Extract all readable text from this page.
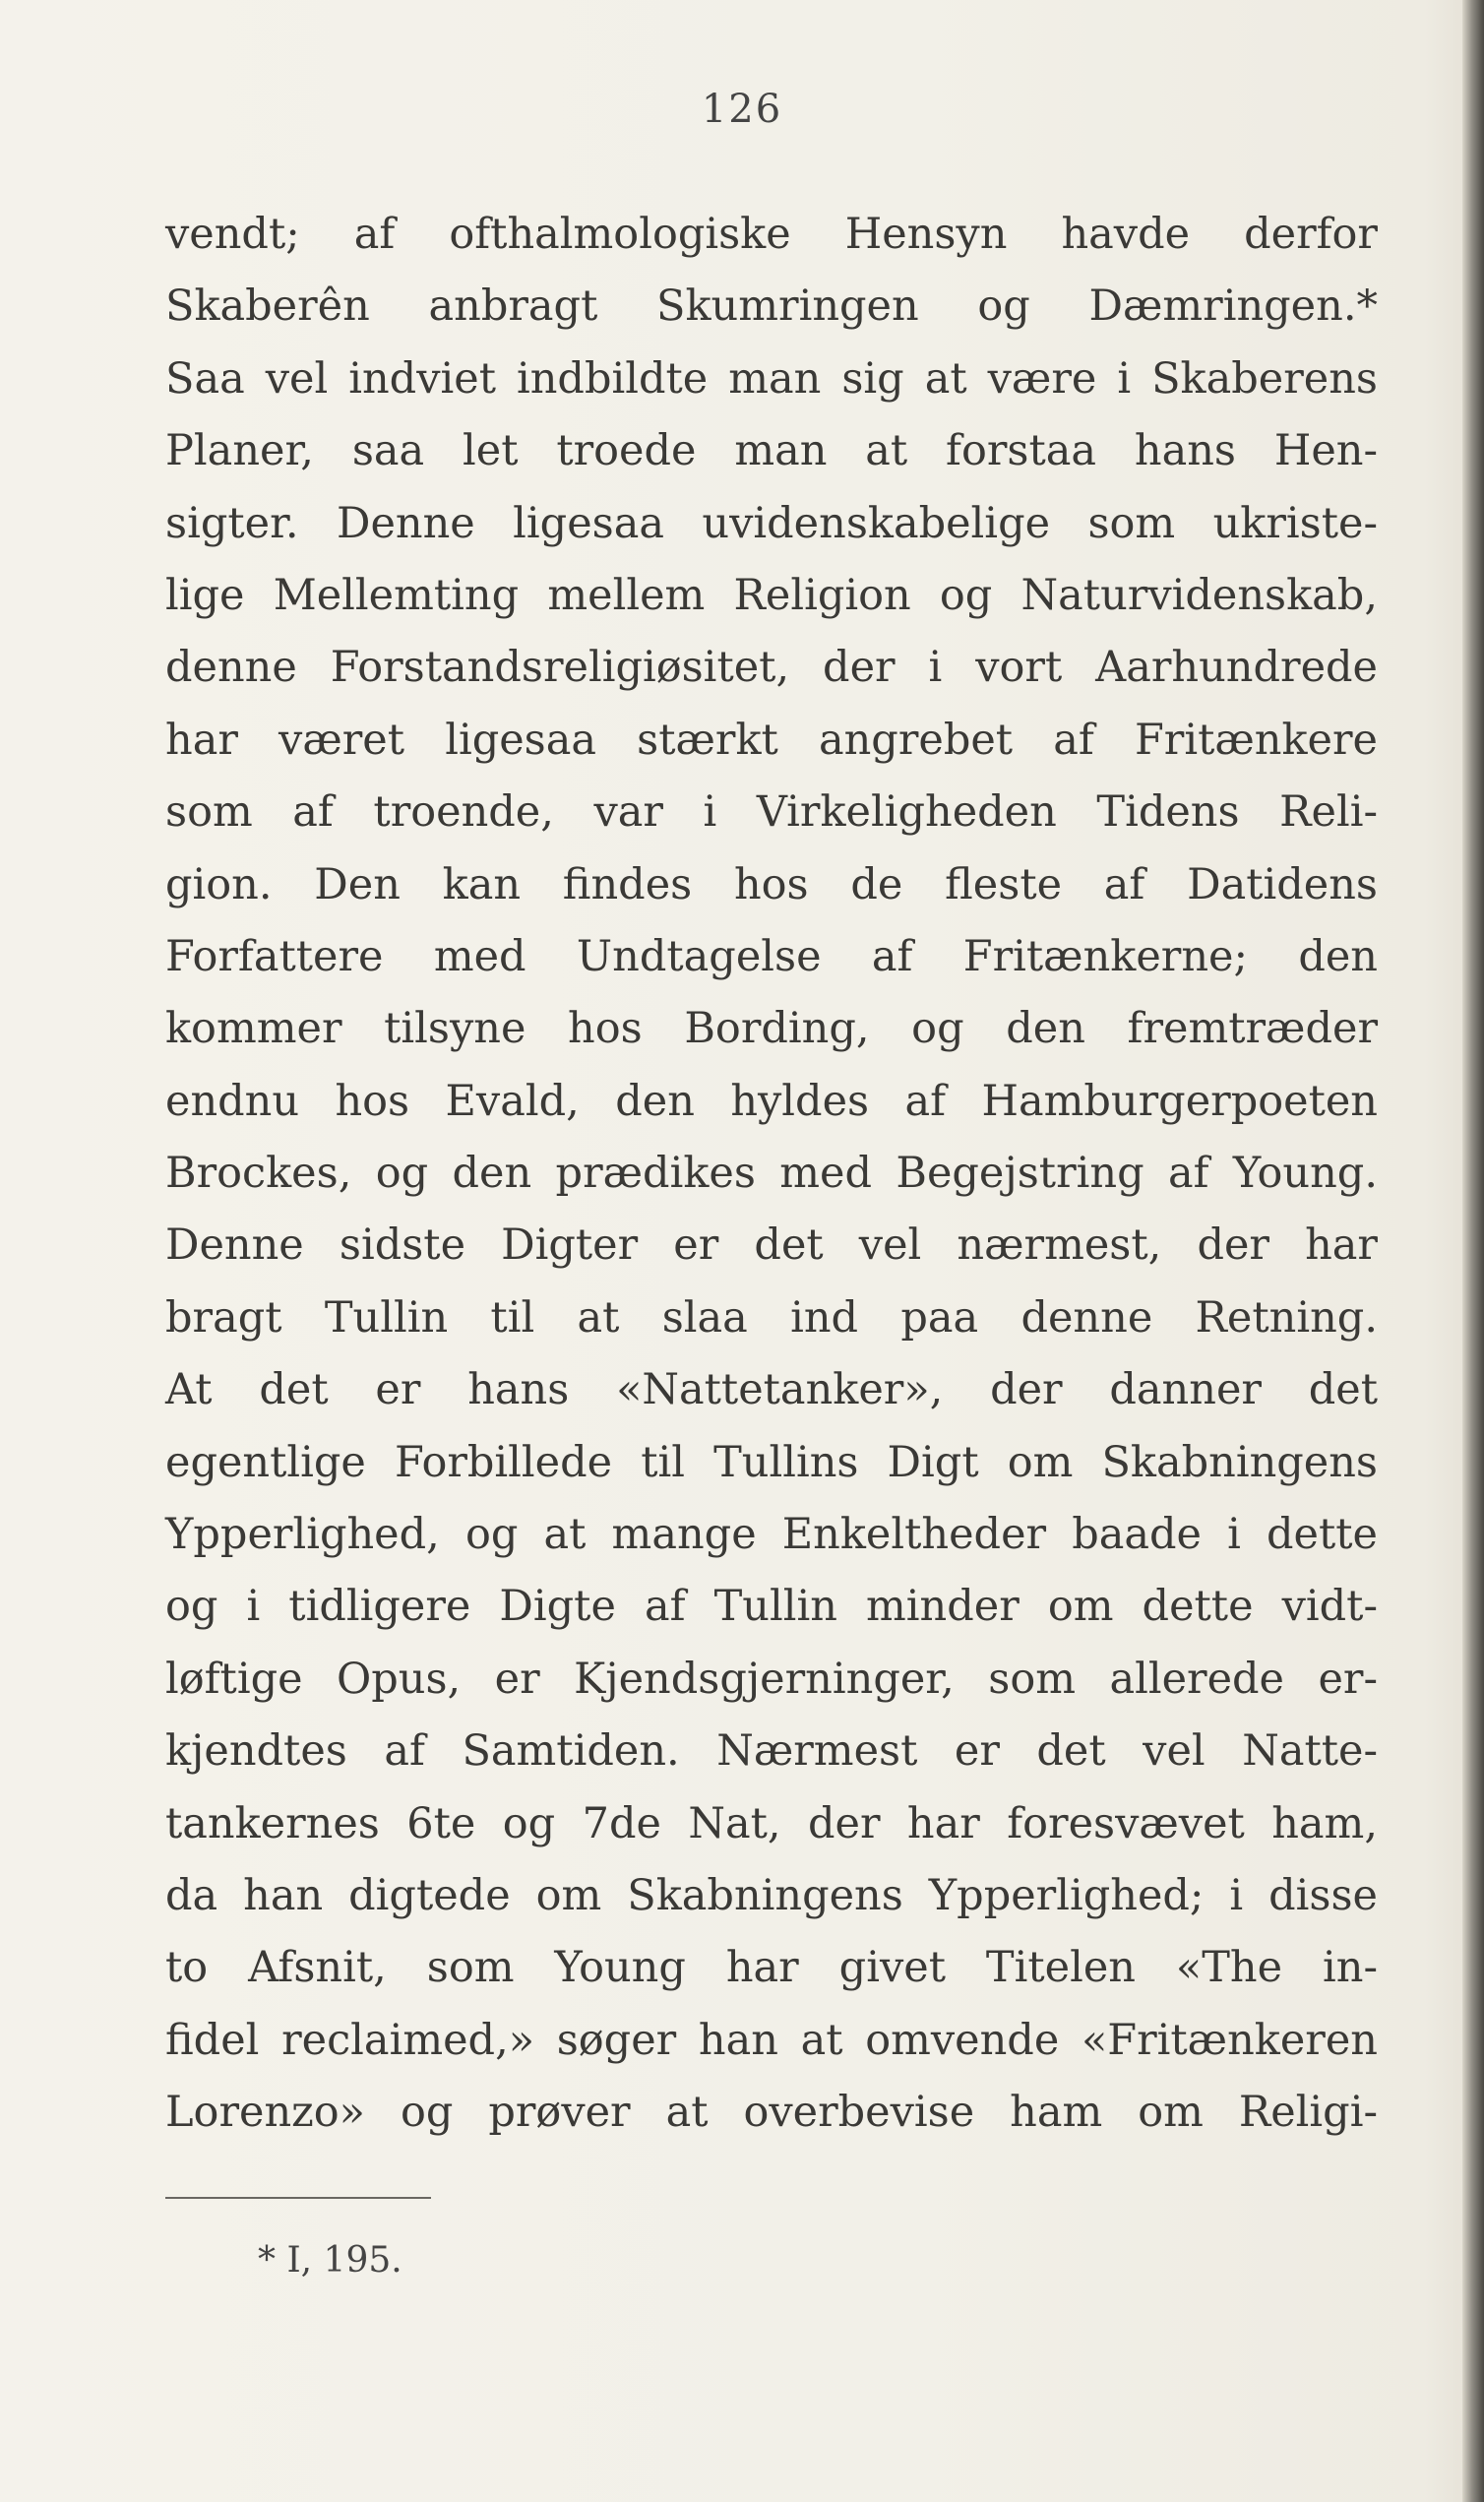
126
vendt; af ofthalmologiske Hensyn havde derfor
Skaberên anbragt Skumringen og Dæmringen.*
Saa vel indviet indbildte man sig at være i Skaberens
Planer, saa let troede man at forstaa hans Hen-
sigter. Denne ligesaa uvidenskabelige som ukriste-
lige Mellemting mellem Religion og Naturvidenskab,
denne Forstandsreligiøsitet, der i vort Aarhundrede
har været ligesaa stærkt angrebet af Fritænkere
som af troende, var i Virkeligheden Tidens Reli-
gion. Den kan findes hos de fleste af Datidens
Forfattere med Undtagelse af Fritænkerne; den
kommer tilsyne hos Bording, og den fremtræder
endnu hos Evald, den hyldes af Hamburgerpoeten
Brockes, og den prædikes med Begejstring af Young.
Denne sidste Digter er det vel nærmest, der har
bragt Tullin til at slaa ind paa denne Retning.
At det er hans «Nattetanker», der danner det
egentlige Forbillede til Tullins Digt om Skabningens
Ypperlighed, og at mange Enkeltheder baade i dette
og i tidligere Digte af Tullin minder om dette vidt-
løftige Opus, er Kjendsgjerninger, som allerede er-
kjendtes af Samtiden. Nærmest er det vel Natte-
tankernes 6te og 7de Nat, der har foresvævet ham,
da han digtede om Skabningens Ypperlighed; i disse
to Afsnit, som Young har givet Titelen «The in-
fidel reclaimed,» søger han at omvende «Fritænkeren
Lorenzo» og prøver at overbevise ham om Religi-
* I, 195.
